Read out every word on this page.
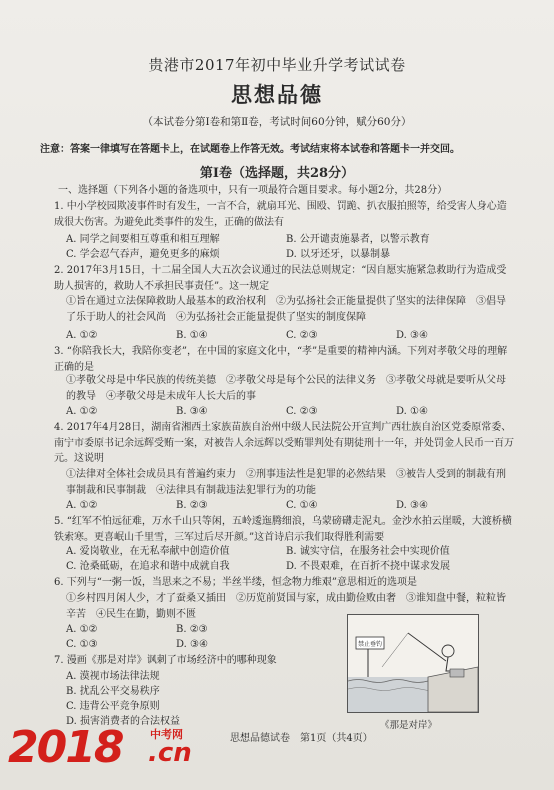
贵港市2017年初中毕业升学考试试卷
思想品德
（本试卷分第Ⅰ卷和第Ⅱ卷，考试时间60分钟，赋分60分）
注意：答案一律填写在答题卡上，在试题卷上作答无效。考试结束将本试卷和答题卡一并交回。
第Ⅰ卷（选择题，共28分）
一、选择题（下列各小题的备选项中，只有一项最符合题目要求。每小题2分，共28分）
1. 中小学校园欺凌事件时有发生，一言不合，就扇耳光、围殴、罚跪、扒衣服拍照等，给受害人身心造成很大伤害。为避免此类事件的发生，正确的做法有
A. 同学之间要相互尊重和相互理解	B. 公开谴责施暴者，以警示教育
C. 学会忍气吞声，避免更多的麻烦	D. 以牙还牙，以暴制暴
2. 2017年3月15日，十二届全国人大五次会议通过的民法总则规定：“因自愿实施紧急救助行为造成受助人损害的，救助人不承担民事责任”。这一规定
①旨在通过立法保障救助人最基本的政治权利　②为弘扬社会正能量提供了坚实的法律保障　③倡导了乐于助人的社会风尚　④为弘扬社会正能量提供了坚实的制度保障
A. ①②	B. ①④	C. ②③	D. ③④
3. “你陪我长大，我陪你变老”，在中国的家庭文化中，“孝”是重要的精神内涵。下列对孝敬父母的理解正确的是
①孝敬父母是中华民族的传统美德　②孝敬父母是每个公民的法律义务　③孝敬父母就是要听从父母的教导　④孝敬父母是未成年人长大后的事
A. ①②	B. ③④	C. ②③	D. ①④
4. 2017年4月28日，湖南省湘西土家族苗族自治州中级人民法院公开宣判广西壮族自治区党委原常委、南宁市委原书记余远辉受贿一案，对被告人余远辉以受贿罪判处有期徒刑十一年，并处罚金人民币一百万元。这说明
①法律对全体社会成员具有普遍约束力　②刑事违法性是犯罪的必然结果　③被告人受到的制裁有刑事制裁和民事制裁　④法律具有制裁违法犯罪行为的功能
A. ①②	B. ②③	C. ①④	D. ③④
5. “红军不怕远征难，万水千山只等闲，五岭逶迤腾细浪，乌蒙磅礴走泥丸。金沙水拍云崖暖，大渡桥横铁索寒。更喜岷山千里雪，三军过后尽开颜。”这首诗启示我们取得胜利需要
A. 爱岗敬业，在无私奉献中创造价值	B. 诚实守信，在服务社会中实现价值
C. 沧桑砥砺，在追求和谐中成就自我	D. 不畏艰难，在百折不挠中谋求发展
6. 下列与“一粥一饭，当思来之不易；半丝半缕，恒念物力维艰”意思相近的选项是
①乡村四月闲人少，才了蚕桑又插田　②历览前贤国与家，成由勤俭败由奢　③谁知盘中餐，粒粒皆辛苦　④民生在勤，勤则不匮
A. ①②	B. ②③
C. ①③	D. ③④
7. 漫画《那是对岸》讽刺了市场经济中的哪种现象
A. 漠视市场法律法规
B. 扰乱公平交易秩序
C. 违背公平竞争原则
D. 损害消费者的合法权益
禁止垂钓
《那是对岸》
思想品德试卷　第1页（共4页）
2018	中考网
.cn
